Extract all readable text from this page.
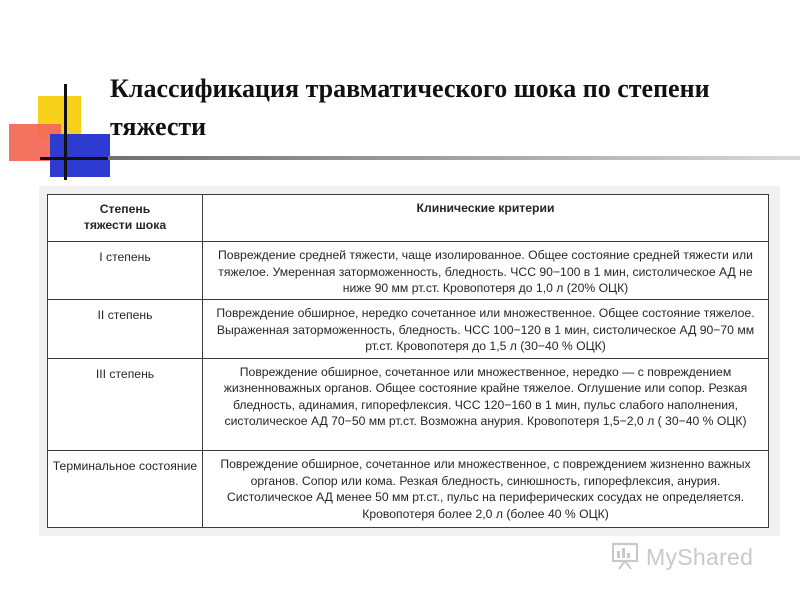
Классификация травматического шока по степени тяжести
Степень
тяжести шока	Клинические критерии
I степень	Повреждение средней тяжести, чаще изолированное. Общее состояние средней тяжести или тяжелое. Умеренная заторможенность, бледность. ЧСС 90−100 в 1 мин, систолическое АД не ниже 90 мм рт.ст. Кровопотеря до 1,0 л (20% ОЦК)
II степень	Повреждение обширное, нередко сочетанное или множественное. Общее состояние тяжелое. Выраженная заторможенность, бледность. ЧСС 100−120 в 1 мин, систолическое АД 90−70 мм рт.ст. Кровопотеря до 1,5 л (30−40 % ОЦК)
III степень	Повреждение обширное, сочетанное или множественное, нередко — с повреждением жизненноважных органов. Общее состояние крайне тяжелое. Оглушение или сопор. Резкая бледность, адинамия, гипорефлексия. ЧСС 120−160 в 1 мин, пульс слабого наполнения, систолическое АД 70−50 мм рт.ст. Возможна анурия. Кровопотеря 1,5−2,0 л ( 30−40 % ОЦК)
Терминальное состояние	Повреждение обширное, сочетанное или множественное, с повреждением жизненно важных органов. Сопор или кома. Резкая бледность, синюшность, гипорефлексия, анурия. Систолическое АД менее 50 мм рт.ст., пульс на периферических сосудах не определяется. Кровопотеря более 2,0 л (более 40 % ОЦК)
MyShared
